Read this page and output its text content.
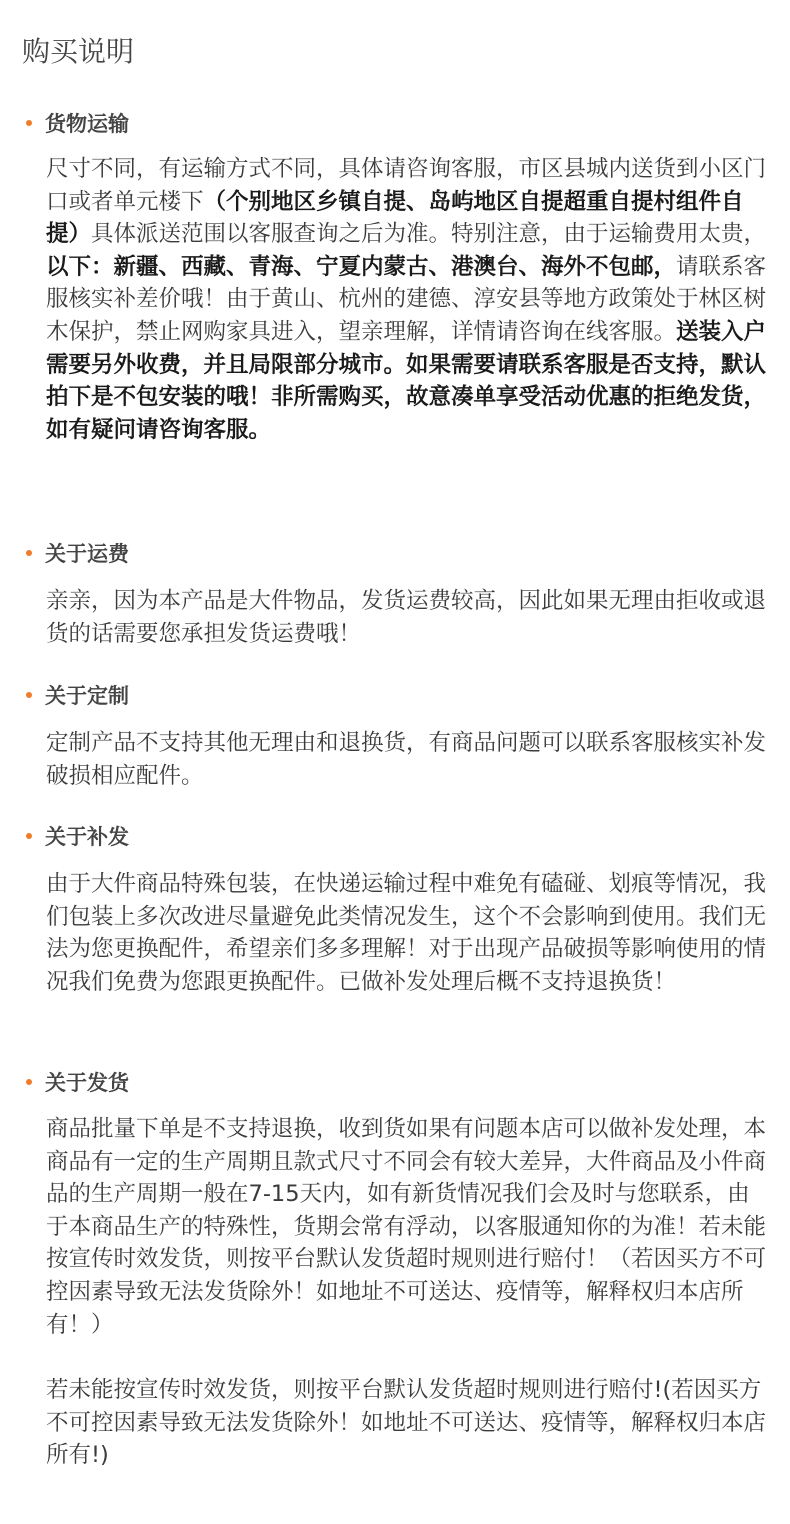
购买说明
货物运输

尺寸不同，有运输方式不同，具体请咨询客服，市区县城内送货到小区门口或者单元楼下（个别地区乡镇自提、岛屿地区自提超重自提村组件自提）具体派送范围以客服查询之后为准。特别注意，由于运输费用太贵，以下：新疆、西藏、青海、宁夏内蒙古、港澳台、海外不包邮，请联系客服核实补差价哦！由于黄山、杭州的建德、淳安县等地方政策处于林区树木保护，禁止网购家具进入，望亲理解，详情请咨询在线客服。送装入户需要另外收费，并且局限部分城市。如果需要请联系客服是否支持，默认拍下是不包安装的哦！非所需购买，故意凑单享受活动优惠的拒绝发货，如有疑问请咨询客服。

关于运费

亲亲，因为本产品是大件物品，发货运费较高，因此如果无理由拒收或退货的话需要您承担发货运费哦！

关于定制

定制产品不支持其他无理由和退换货，有商品问题可以联系客服核实补发破损相应配件。

关于补发

由于大件商品特殊包装，在快递运输过程中难免有磕碰、划痕等情况，我们包装上多次改进尽量避免此类情况发生，这个不会影响到使用。我们无法为您更换配件，希望亲们多多理解！对于出现产品破损等影响使用的情况我们免费为您跟更换配件。已做补发处理后概不支持退换货！

关于发货

商品批量下单是不支持退换，收到货如果有问题本店可以做补发处理，本商品有一定的生产周期且款式尺寸不同会有较大差异，大件商品及小件商品的生产周期一般在7-15天内，如有新货情况我们会及时与您联系，由于本商品生产的特殊性，货期会常有浮动，以客服通知你的为准！若未能按宣传时效发货，则按平台默认发货超时规则进行赔付！（若因买方不可控因素导致无法发货除外！如地址不可送达、疫情等，解释权归本店所有！）

若未能按宣传时效发货，则按平台默认发货超时规则进行赔付!(若因买方不可控因素导致无法发货除外！如地址不可送达、疫情等，解释权归本店所有!)
